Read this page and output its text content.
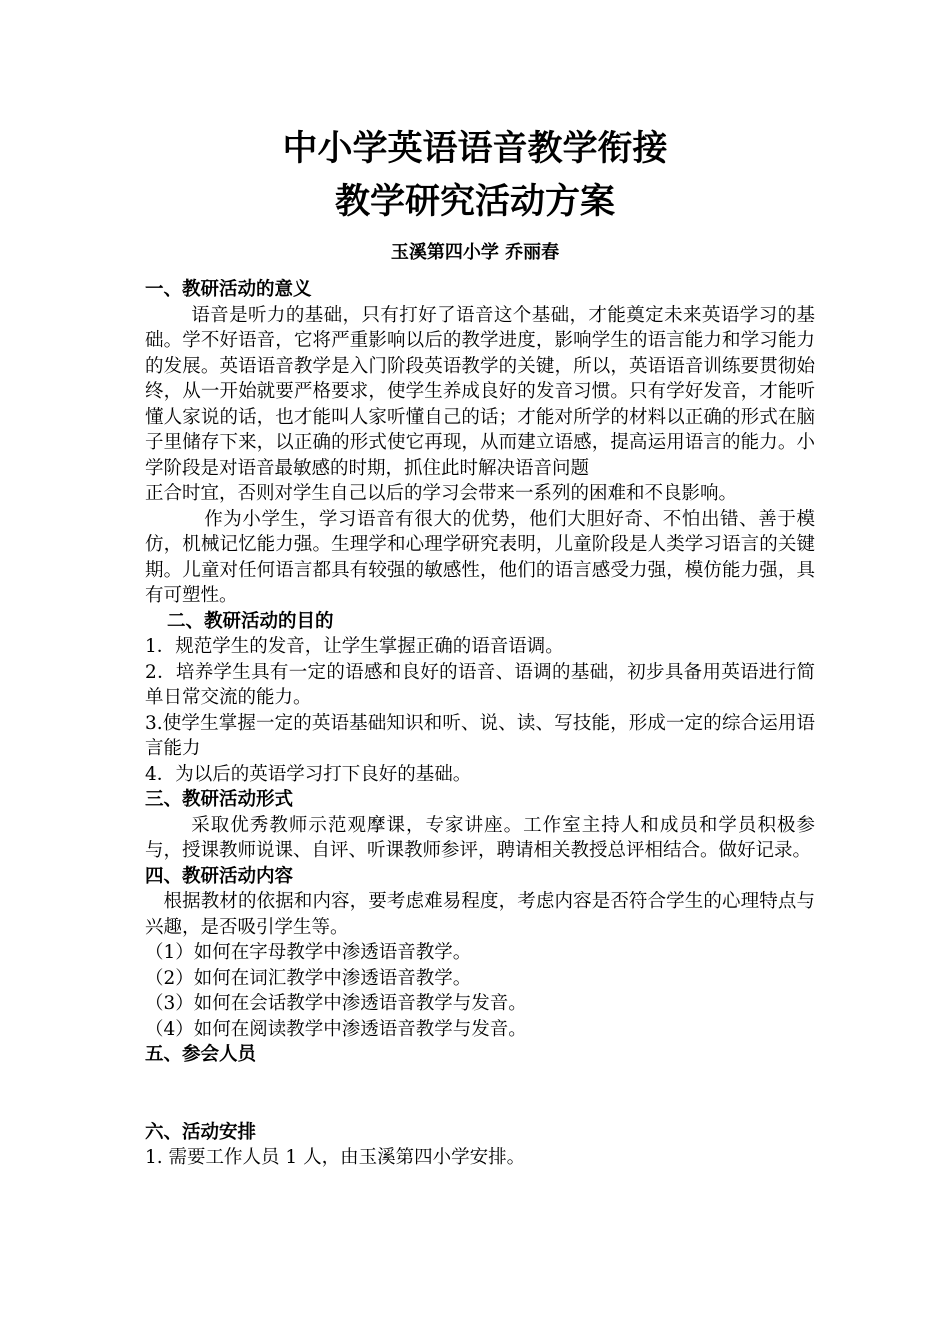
中小学英语语音教学衔接
教学研究活动方案
玉溪第四小学 乔丽春
一、教研活动的意义
语音是听力的基础，只有打好了语音这个基础，才能奠定未来英语学习的基础。学不好语音，它将严重影响以后的教学进度，影响学生的语言能力和学习能力的发展。英语语音教学是入门阶段英语教学的关键，所以，英语语音训练要贯彻始终，从一开始就要严格要求，使学生养成良好的发音习惯。只有学好发音，才能听懂人家说的话，也才能叫人家听懂自己的话；才能对所学的材料以正确的形式在脑子里储存下来，以正确的形式使它再现，从而建立语感，提高运用语言的能力。小学阶段是对语音最敏感的时期，抓住此时解决语音问题
正合时宜，否则对学生自己以后的学习会带来一系列的困难和不良影响。
作为小学生，学习语音有很大的优势，他们大胆好奇、不怕出错、善于模仿，机械记忆能力强。生理学和心理学研究表明，儿童阶段是人类学习语言的关键期。儿童对任何语言都具有较强的敏感性，他们的语言感受力强，模仿能力强，具有可塑性。
二、教研活动的目的
1．规范学生的发音，让学生掌握正确的语音语调。
2．培养学生具有一定的语感和良好的语音、语调的基础，初步具备用英语进行简单日常交流的能力。
3.使学生掌握一定的英语基础知识和听、说、读、写技能，形成一定的综合运用语言能力
4．为以后的英语学习打下良好的基础。
三、教研活动形式
采取优秀教师示范观摩课，专家讲座。工作室主持人和成员和学员积极参与，授课教师说课、自评、听课教师参评，聘请相关教授总评相结合。做好记录。
四、教研活动内容
根据教材的依据和内容，要考虑难易程度，考虑内容是否符合学生的心理特点与兴趣，是否吸引学生等。
（1）如何在字母教学中渗透语音教学。
（2）如何在词汇教学中渗透语音教学。
（3）如何在会话教学中渗透语音教学与发音。
（4）如何在阅读教学中渗透语音教学与发音。
五、参会人员
六、活动安排
1. 需要工作人员 1 人，由玉溪第四小学安排。
